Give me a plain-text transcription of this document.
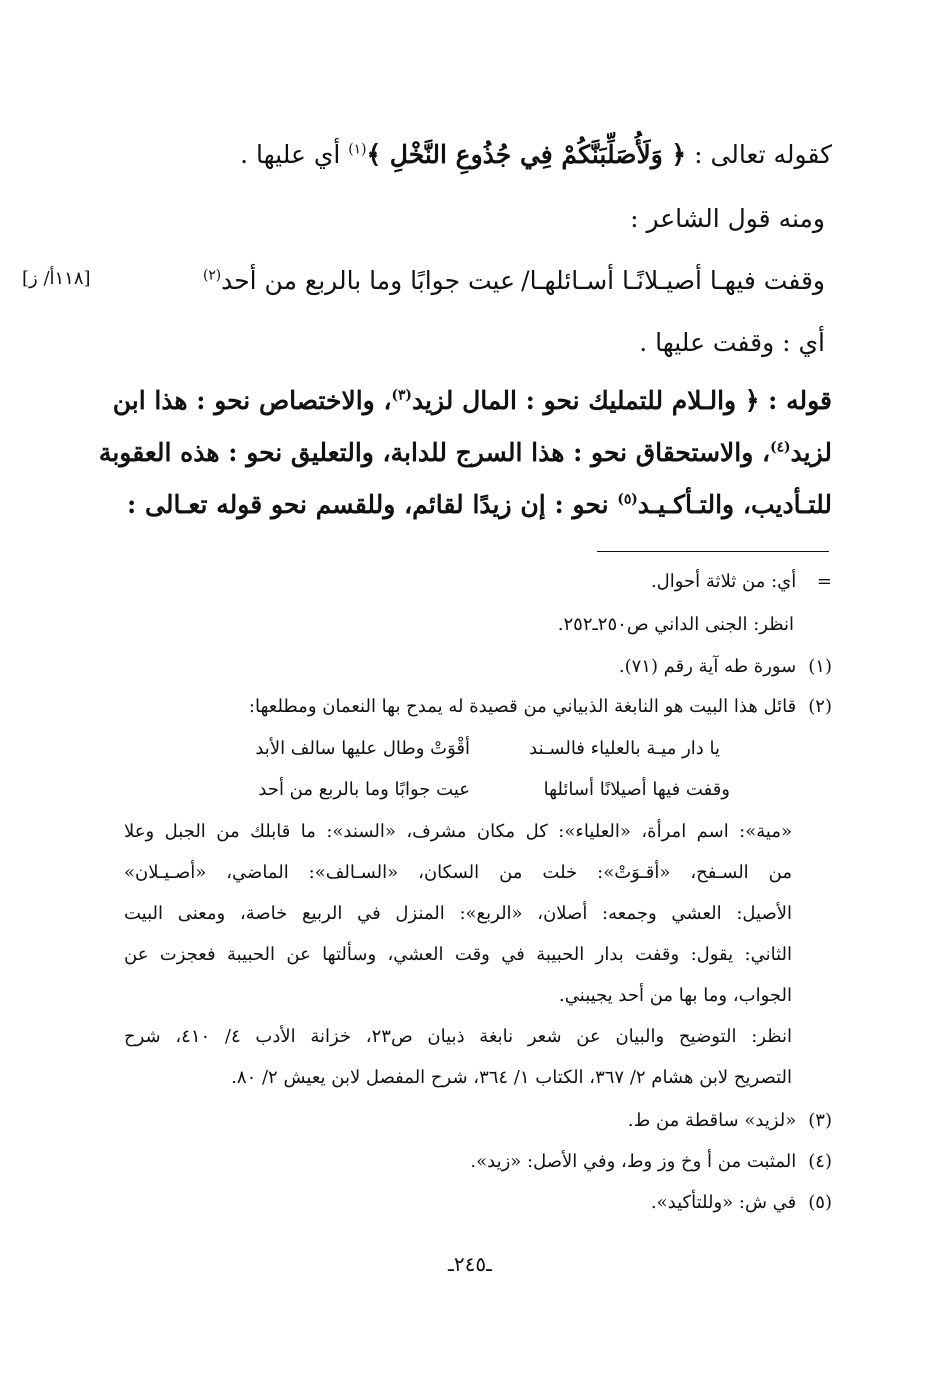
كقوله تعالى : ﴿ وَلَأُصَلِّبَنَّكُمْ فِي جُذُوعِ النَّخْلِ ﴾$^{(١)}$ أي عليها .
ومنه قول الشاعر :
وقفت فيهـا أصيـلانًـا أسـائلهـا/
عيت جوابًا وما بالربع من أحد$^{(٢)}$
[١١٨أ/ ز]
أي : وقفت عليها .
قوله : ﴿ والـلام للتمليك نحو : المال لزيد$^{(٣)}$، والاختصاص نحو : هذا ابن
لزيد$^{(٤)}$، والاستحقاق نحو : هذا السرج للدابة، والتعليق نحو : هذه العقوبة
للتـأديب، والتـأكـيـد$^{(٥)}$ نحو : إن زيدًا لقائم، وللقسم نحو قوله تعـالى :
= أي: من ثلاثة أحوال.
انظر: الجنى الداني ص٢٥٠ـ٢٥٢.
(١) سورة طه آية رقم (٧١).
(٢) قائل هذا البيت هو النابغة الذبياني من قصيدة له يمدح بها النعمان ومطلعها:
يا دار ميـة بالعلياء فالسـند
أقْوَتْ وطال عليها سالف الأبد
وقفت فيها أصيلانًا أسائلها
عيت جوابًا وما بالربع من أحد
«مية»: اسم امرأة، «العلياء»: كل مكان مشرف، «السند»: ما قابلك من الجبل وعلا
من السـفح، «أقـوَتْ»: خلت من السكان، «السـالف»: الماضي، «أصـيـلان»
الأصيل: العشي وجمعه: أصلان، «الربع»: المنزل في الربيع خاصة، ومعنى البيت
الثاني: يقول: وقفت بدار الحبيبة في وقت العشي، وسألتها عن الحبيبة فعجزت عن
الجواب، وما بها من أحد يجيبني.
انظر: التوضيح والبيان عن شعر نابغة ذبيان ص٢٣، خزانة الأدب ٤/ ٤١٠، شرح
التصريح لابن هشام ٢/ ٣٦٧، الكتاب ١/ ٣٦٤، شرح المفصل لابن يعيش ٢/ ٨٠.
(٣) «لزيد» ساقطة من ط.
(٤) المثبت من أ وخ وز وط، وفي الأصل: «زيد».
(٥) في ش: «وللتأكيد».
ـ٢٤٥ـ
